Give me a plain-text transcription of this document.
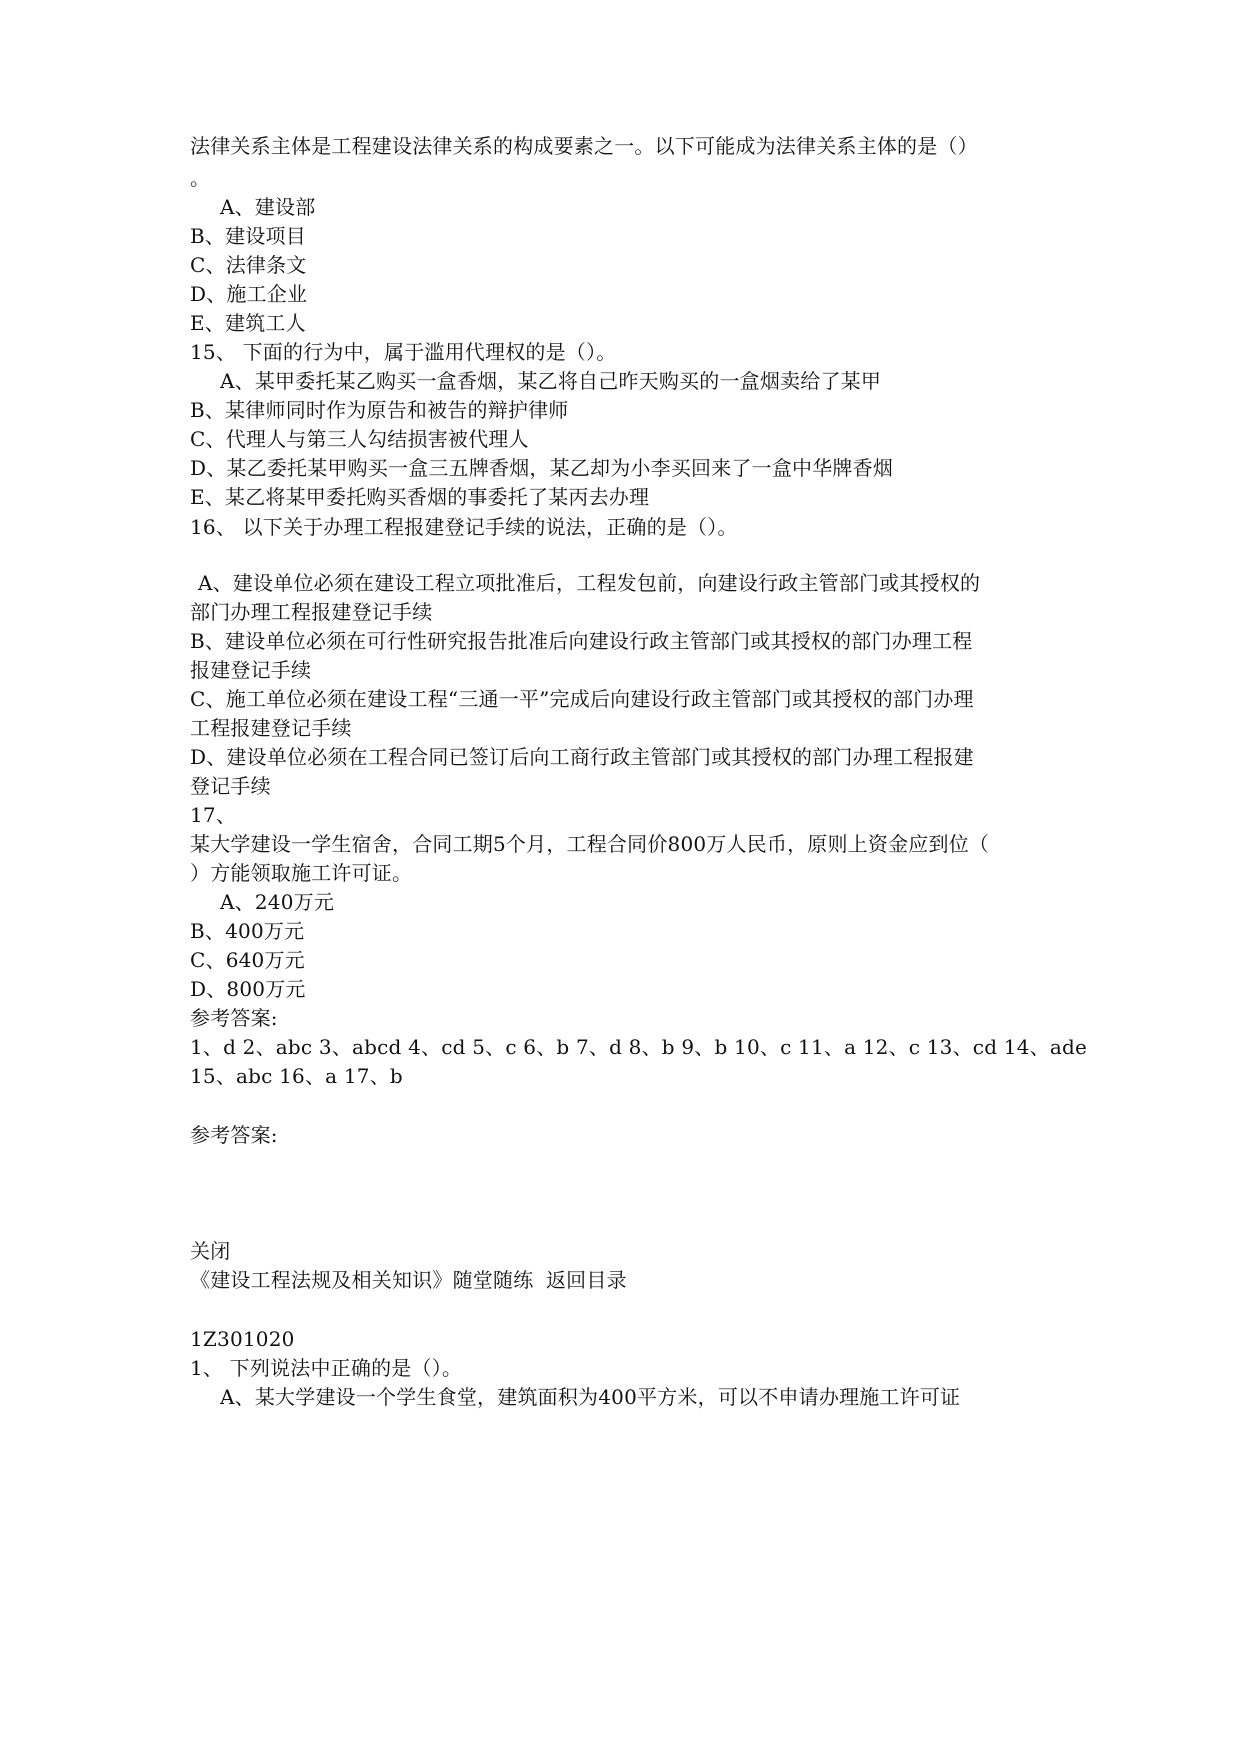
法律关系主体是工程建设法律关系的构成要素之一。以下可能成为法律关系主体的是（）
。
A、建设部
B、建设项目
C、法律条文
D、施工企业
E、建筑工人
15、 下面的行为中，属于滥用代理权的是（）。
A、某甲委托某乙购买一盒香烟，某乙将自己昨天购买的一盒烟卖给了某甲
B、某律师同时作为原告和被告的辩护律师
C、代理人与第三人勾结损害被代理人
D、某乙委托某甲购买一盒三五牌香烟，某乙却为小李买回来了一盒中华牌香烟
E、某乙将某甲委托购买香烟的事委托了某丙去办理
16、 以下关于办理工程报建登记手续的说法，正确的是（）。
A、建设单位必须在建设工程立项批准后，工程发包前，向建设行政主管部门或其授权的
部门办理工程报建登记手续
B、建设单位必须在可行性研究报告批准后向建设行政主管部门或其授权的部门办理工程
报建登记手续
C、施工单位必须在建设工程“三通一平”完成后向建设行政主管部门或其授权的部门办理
工程报建登记手续
D、建设单位必须在工程合同已签订后向工商行政主管部门或其授权的部门办理工程报建
登记手续
17、
某大学建设一学生宿舍，合同工期5个月，工程合同价800万人民币，原则上资金应到位（
）方能领取施工许可证。
A、240万元
B、400万元
C、640万元
D、800万元
参考答案:
1、d 2、abc 3、abcd 4、cd 5、c 6、b 7、d 8、b 9、b 10、c 11、a 12、c 13、cd 14、ade
15、abc 16、a 17、b
参考答案:
关闭
《建设工程法规及相关知识》随堂随练 返回目录
1Z301020
1、 下列说法中正确的是（）。
A、某大学建设一个学生食堂，建筑面积为400平方米，可以不申请办理施工许可证
